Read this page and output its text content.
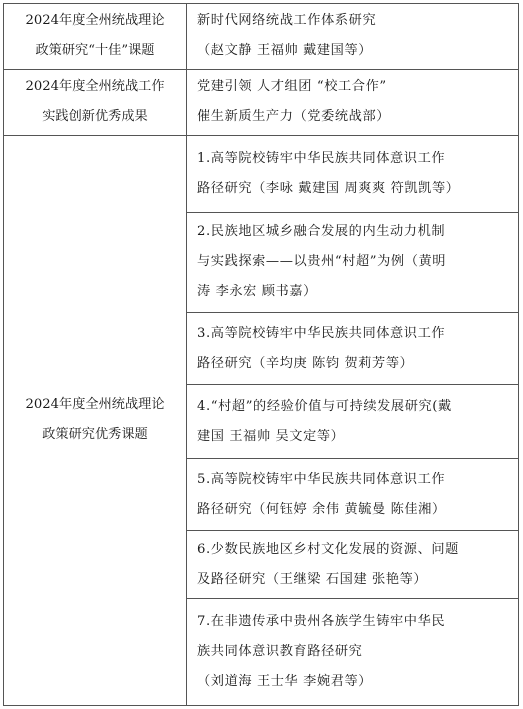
2024年度全州统战理论
政策研究“十佳”课题	新时代网络统战工作体系研究
（赵文静 王福帅 戴建国等）

2024年度全州统战工作
实践创新优秀成果	党建引领 人才组团 “校工合作”
催生新质生产力（党委统战部）

2024年度全州统战理论
政策研究优秀课题	1.高等院校铸牢中华民族共同体意识工作
路径研究（李咏 戴建国 周爽爽 符凯凯等）

	2.民族地区城乡融合发展的内生动力机制
与实践探索——以贵州“村超”为例（黄明
涛 李永宏 顾书嘉）

	3.高等院校铸牢中华民族共同体意识工作
路径研究（辛均庚 陈钧 贺莉芳等）

	4.“村超”的经验价值与可持续发展研究(戴
建国 王福帅 吴文定等）

	5.高等院校铸牢中华民族共同体意识工作
路径研究（何钰婷 余伟 黄毓曼 陈佳湘）

	6.少数民族地区乡村文化发展的资源、问题
及路径研究（王继梁 石国建 张艳等）

	7.在非遗传承中贵州各族学生铸牢中华民
族共同体意识教育路径研究
（刘道海 王士华 李婉君等）
